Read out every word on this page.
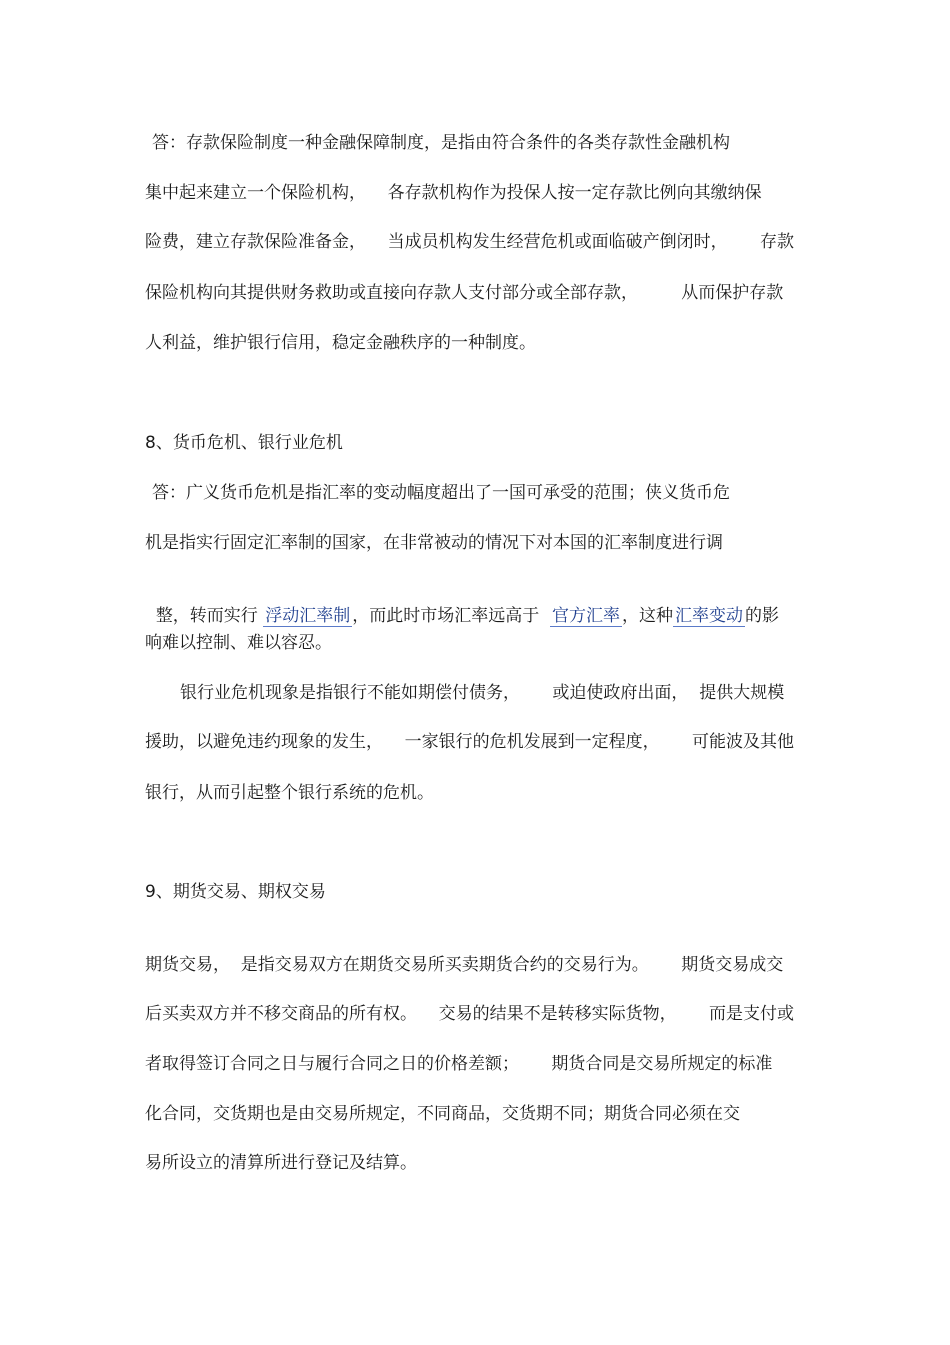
答：存款保险制度一种金融保障制度，是指由符合条件的各类存款性金融机构

集中起来建立一个保险机构，    各存款机构作为投保人按一定存款比例向其缴纳保

险费，建立存款保险准备金，    当成员机构发生经营危机或面临破产倒闭时，      存款

保险机构向其提供财务救助或直接向存款人支付部分或全部存款，        从而保护存款

人利益，维护银行信用，稳定金融秩序的一种制度。

8、货币危机、银行业危机

答：广义货币危机是指汇率的变动幅度超出了一国可承受的范围；侠义货币危

机是指实行固定汇率制的国家，在非常被动的情况下对本国的汇率制度进行调

整，转而实行 浮动汇率制 ，而此时市场汇率远高于  官方汇率 ，这种 汇率变动 的影

响难以控制、难以容忍。

银行业危机现象是指银行不能如期偿付债务，      或迫使政府出面，  提供大规模

援助，以避免违约现象的发生，    一家银行的危机发展到一定程度，      可能波及其他

银行，从而引起整个银行系统的危机。

9、期货交易、期权交易

期货交易，  是指交易双方在期货交易所买卖期货合约的交易行为。      期货交易成交

后买卖双方并不移交商品的所有权。    交易的结果不是转移实际货物，      而是支付或

者取得签订合同之日与履行合同之日的价格差额；      期货合同是交易所规定的标准

化合同，交货期也是由交易所规定，不同商品，交货期不同；期货合同必须在交

易所设立的清算所进行登记及结算。
